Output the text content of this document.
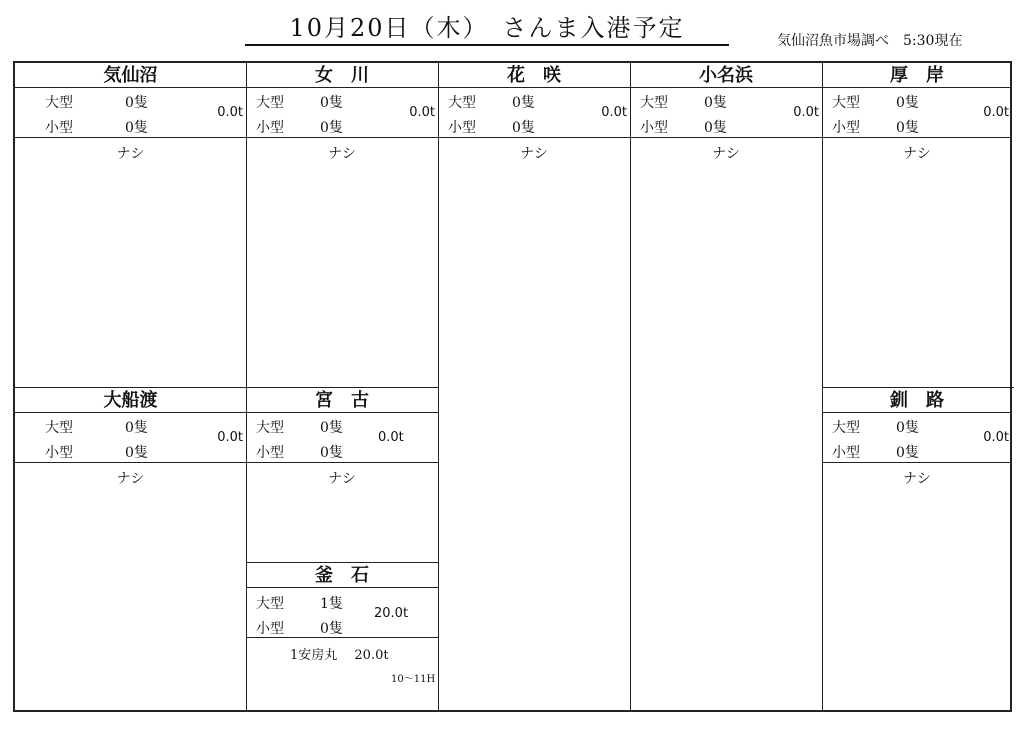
10月20日（木）　さんま入港予定	気仙沼魚市場調べ　5:30現在
気仙沼
大型	0隻
小型	0隻
0.0t
ナシ
女　川
大型	0隻
小型	0隻
0.0t
ナシ
花　咲
大型	0隻
小型	0隻
0.0t
ナシ
小名浜
大型	0隻
小型	0隻
0.0t
ナシ
厚　岸
大型	0隻
小型	0隻
0.0t
ナシ
大船渡
大型	0隻
小型	0隻
0.0t
ナシ
宮　古
大型	0隻
小型	0隻
0.0t
ナシ
釧　路
大型	0隻
小型	0隻
0.0t
ナシ
釜　石
大型	1隻
小型	0隻
20.0t
1安房丸　 20.0t
10～11H
